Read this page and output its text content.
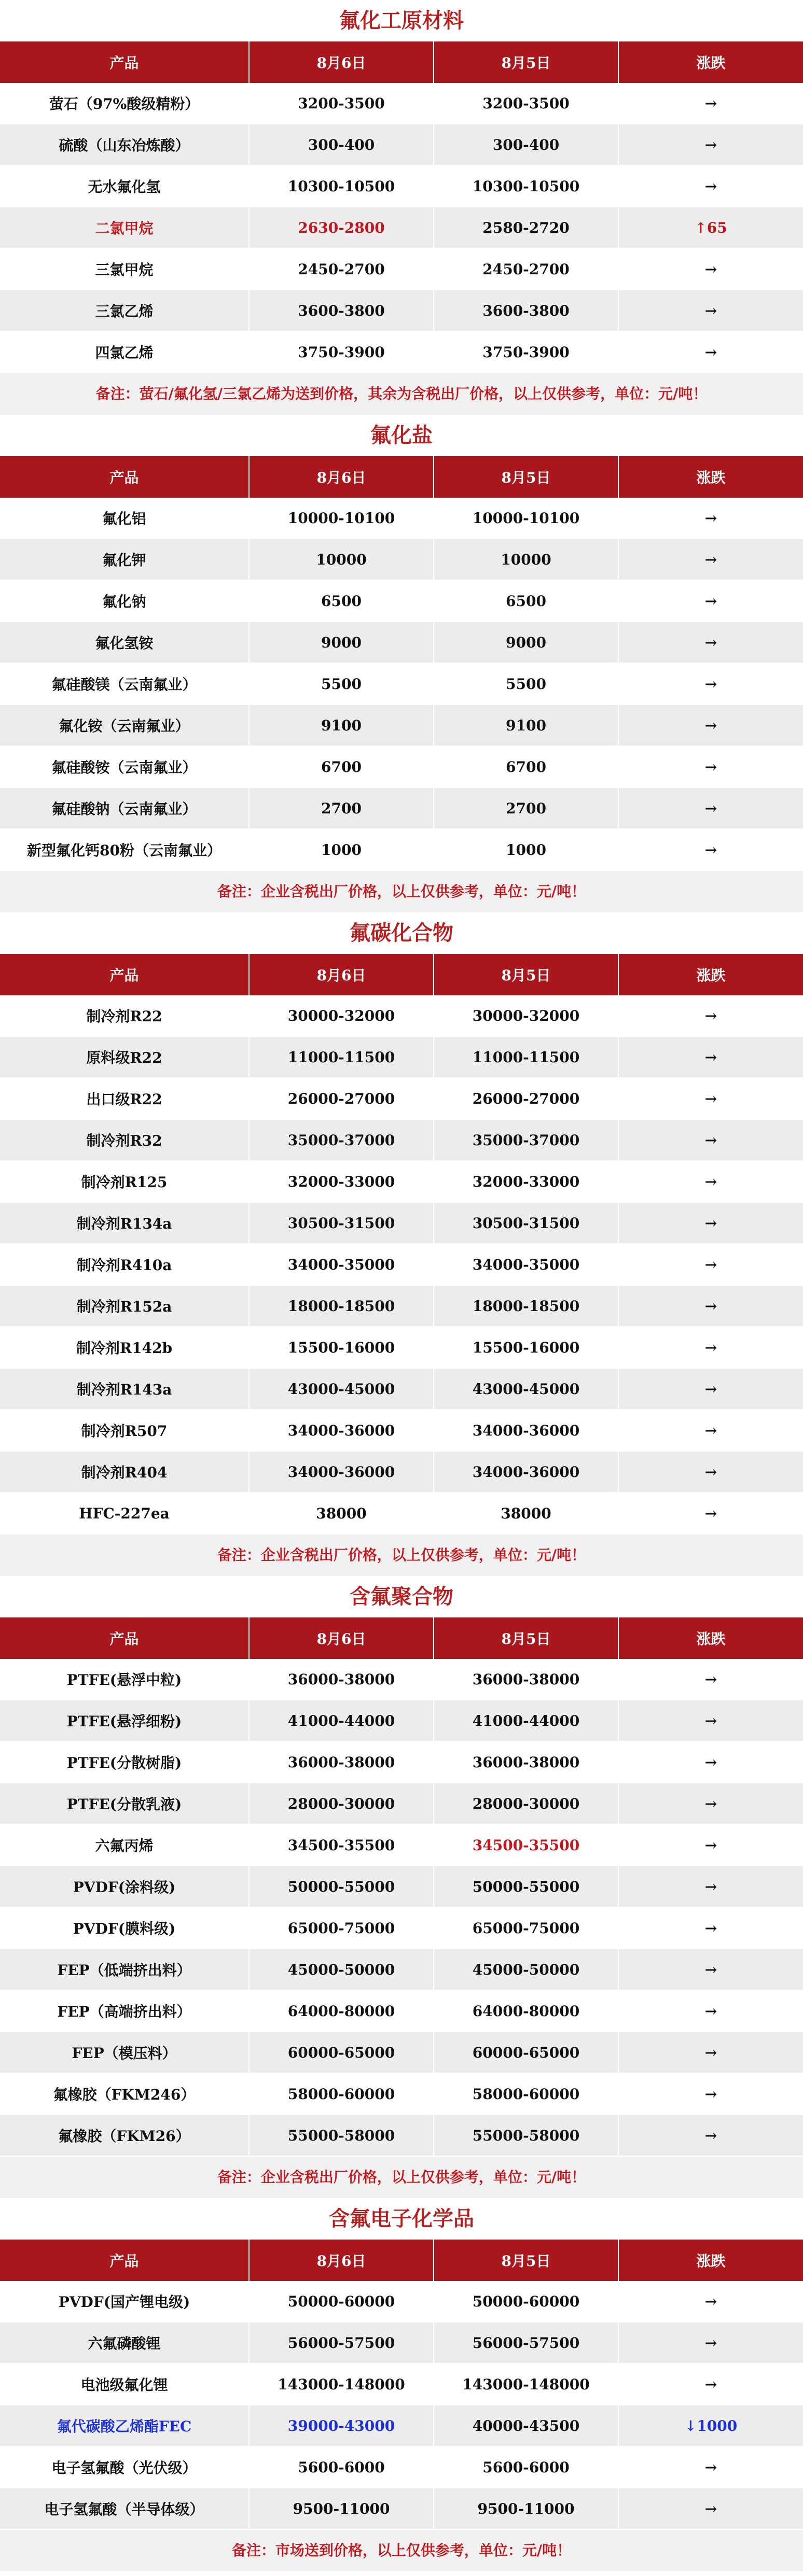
氟化工原材料
产品	8月6日	8月5日	涨跌
萤石（97%酸级精粉）	3200-3500	3200-3500	→
硫酸（山东冶炼酸）	300-400	300-400	→
无水氟化氢	10300-10500	10300-10500	→
二氯甲烷	2630-2800	2580-2720	↑65
三氯甲烷	2450-2700	2450-2700	→
三氯乙烯	3600-3800	3600-3800	→
四氯乙烯	3750-3900	3750-3900	→
备注：萤石/氟化氢/三氯乙烯为送到价格，其余为含税出厂价格，以上仅供参考，单位：元/吨！
氟化盐
产品	8月6日	8月5日	涨跌
氟化铝	10000-10100	10000-10100	→
氟化钾	10000	10000	→
氟化钠	6500	6500	→
氟化氢铵	9000	9000	→
氟硅酸镁（云南氟业）	5500	5500	→
氟化铵（云南氟业）	9100	9100	→
氟硅酸铵（云南氟业）	6700	6700	→
氟硅酸钠（云南氟业）	2700	2700	→
新型氟化钙80粉（云南氟业）	1000	1000	→
备注：企业含税出厂价格，以上仅供参考，单位：元/吨！
氟碳化合物
产品	8月6日	8月5日	涨跌
制冷剂R22	30000-32000	30000-32000	→
原料级R22	11000-11500	11000-11500	→
出口级R22	26000-27000	26000-27000	→
制冷剂R32	35000-37000	35000-37000	→
制冷剂R125	32000-33000	32000-33000	→
制冷剂R134a	30500-31500	30500-31500	→
制冷剂R410a	34000-35000	34000-35000	→
制冷剂R152a	18000-18500	18000-18500	→
制冷剂R142b	15500-16000	15500-16000	→
制冷剂R143a	43000-45000	43000-45000	→
制冷剂R507	34000-36000	34000-36000	→
制冷剂R404	34000-36000	34000-36000	→
HFC-227ea	38000	38000	→
备注：企业含税出厂价格，以上仅供参考，单位：元/吨！
含氟聚合物
产品	8月6日	8月5日	涨跌
PTFE(悬浮中粒)	36000-38000	36000-38000	→
PTFE(悬浮细粉)	41000-44000	41000-44000	→
PTFE(分散树脂)	36000-38000	36000-38000	→
PTFE(分散乳液)	28000-30000	28000-30000	→
六氟丙烯	34500-35500	34500-35500	→
PVDF(涂料级)	50000-55000	50000-55000	→
PVDF(膜料级)	65000-75000	65000-75000	→
FEP（低端挤出料）	45000-50000	45000-50000	→
FEP（高端挤出料）	64000-80000	64000-80000	→
FEP（模压料）	60000-65000	60000-65000	→
氟橡胶（FKM246）	58000-60000	58000-60000	→
氟橡胶（FKM26）	55000-58000	55000-58000	→
备注：企业含税出厂价格，以上仅供参考，单位：元/吨！
含氟电子化学品
产品	8月6日	8月5日	涨跌
PVDF(国产锂电级)	50000-60000	50000-60000	→
六氟磷酸锂	56000-57500	56000-57500	→
电池级氟化锂	143000-148000	143000-148000	→
氟代碳酸乙烯酯FEC	39000-43000	40000-43500	↓1000
电子氢氟酸（光伏级）	5600-6000	5600-6000	→
电子氢氟酸（半导体级）	9500-11000	9500-11000	→
备注：市场送到价格，以上仅供参考，单位：元/吨！
